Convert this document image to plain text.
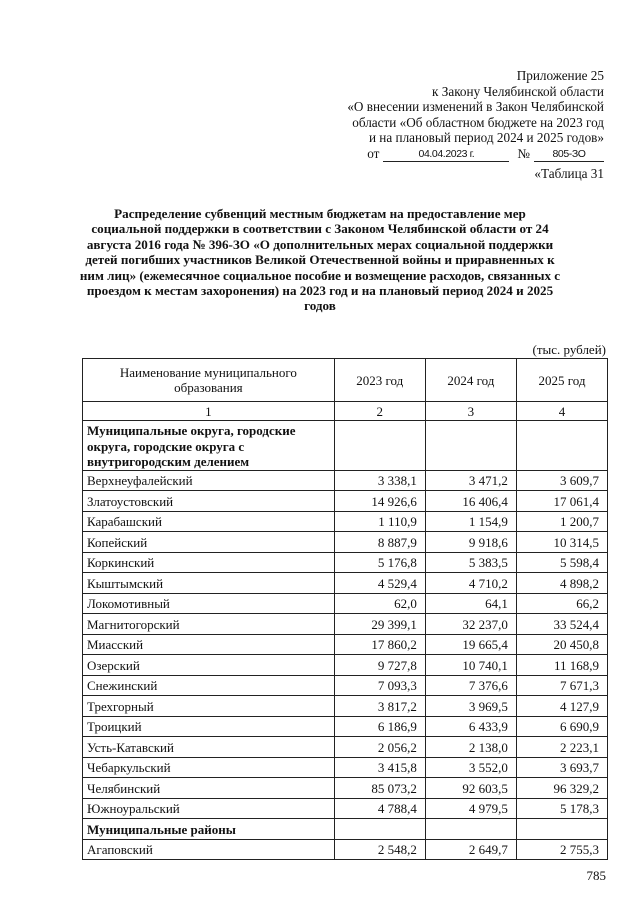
Приложение 25
к Закону Челябинской области
«О внесении изменений в Закон Челябинской
области «Об областном бюджете на 2023 год
и на плановый период 2024 и 2025 годов»
от	04.04.2023 г.	№	805-ЗО
«Таблица 31
Распределение субвенций местным бюджетам на предоставление мер социальной поддержки в соответствии с Законом Челябинской области от 24 августа 2016 года № 396-ЗО «О дополнительных мерах социальной поддержки детей погибших участников Великой Отечественной войны и приравненных к ним лиц» (ежемесячное социальное пособие и возмещение расходов, связанных с проездом к местам захоронения) на 2023 год и на плановый период 2024 и 2025 годов
(тыс. рублей)
Наименование муниципального образования	2023 год	2024 год	2025 год
1	2	3	4
Муниципальные округа, городские округа, городские округа с внутригородским делением			
Верхнеуфалейский	3 338,1	3 471,2	3 609,7
Златоустовский	14 926,6	16 406,4	17 061,4
Карабашский	1 110,9	1 154,9	1 200,7
Копейский	8 887,9	9 918,6	10 314,5
Коркинский	5 176,8	5 383,5	5 598,4
Кыштымский	4 529,4	4 710,2	4 898,2
Локомотивный	62,0	64,1	66,2
Магнитогорский	29 399,1	32 237,0	33 524,4
Миасский	17 860,2	19 665,4	20 450,8
Озерский	9 727,8	10 740,1	11 168,9
Снежинский	7 093,3	7 376,6	7 671,3
Трехгорный	3 817,2	3 969,5	4 127,9
Троицкий	6 186,9	6 433,9	6 690,9
Усть-Катавский	2 056,2	2 138,0	2 223,1
Чебаркульский	3 415,8	3 552,0	3 693,7
Челябинский	85 073,2	92 603,5	96 329,2
Южноуральский	4 788,4	4 979,5	5 178,3
Муниципальные районы			
Агаповский	2 548,2	2 649,7	2 755,3
785
